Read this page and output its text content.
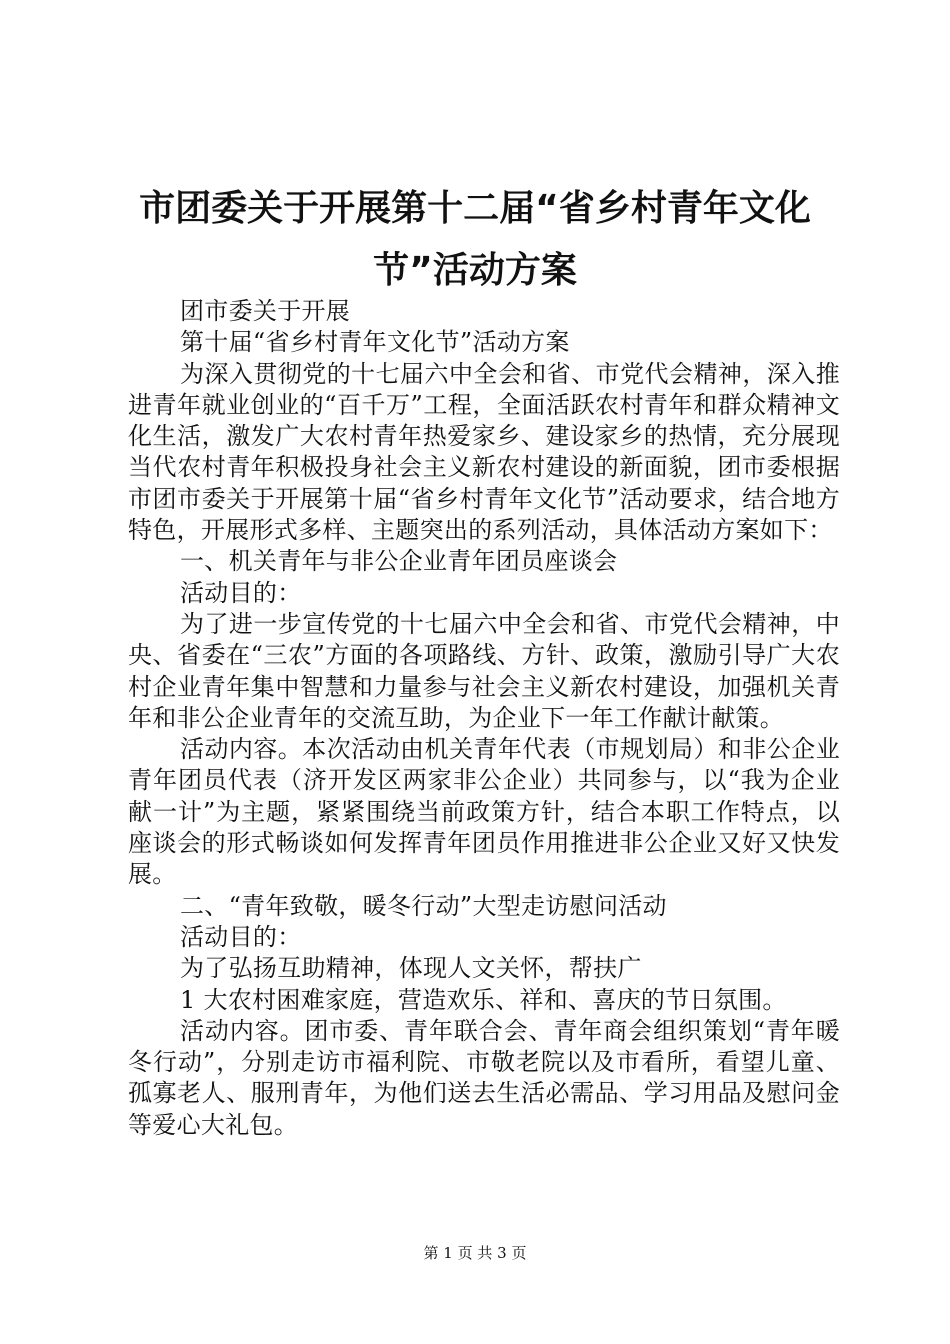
市团委关于开展第十二届“省乡村青年文化
节”活动方案

团市委关于开展

第十届“省乡村青年文化节”活动方案

为深入贯彻党的十七届六中全会和省、市党代会精神，深入推进青年就业创业的“百千万”工程，全面活跃农村青年和群众精神文化生活，激发广大农村青年热爱家乡、建设家乡的热情，充分展现当代农村青年积极投身社会主义新农村建设的新面貌，团市委根据市团市委关于开展第十届“省乡村青年文化节”活动要求，结合地方特色，开展形式多样、主题突出的系列活动，具体活动方案如下：

一、机关青年与非公企业青年团员座谈会

活动目的：

为了进一步宣传党的十七届六中全会和省、市党代会精神，中央、省委在“三农”方面的各项路线、方针、政策，激励引导广大农村企业青年集中智慧和力量参与社会主义新农村建设，加强机关青年和非公企业青年的交流互助，为企业下一年工作献计献策。

活动内容。本次活动由机关青年代表（市规划局）和非公企业青年团员代表（济开发区两家非公企业）共同参与，以“我为企业献一计”为主题，紧紧围绕当前政策方针，结合本职工作特点，以座谈会的形式畅谈如何发挥青年团员作用推进非公企业又好又快发展。

二、“青年致敬，暖冬行动”大型走访慰问活动

活动目的：

为了弘扬互助精神，体现人文关怀，帮扶广

1 大农村困难家庭，营造欢乐、祥和、喜庆的节日氛围。

活动内容。团市委、青年联合会、青年商会组织策划“青年暖冬行动”，分别走访市福利院、市敬老院以及市看所，看望儿童、孤寡老人、服刑青年，为他们送去生活必需品、学习用品及慰问金等爱心大礼包。

第 1 页 共 3 页
